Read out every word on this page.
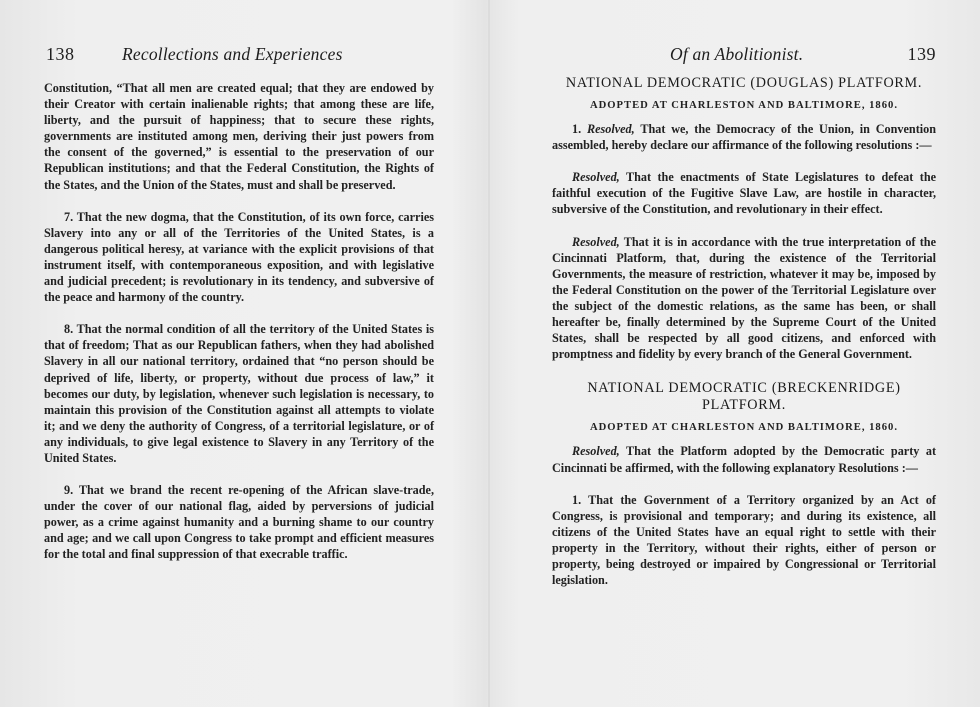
138	Recollections and Experiences

Constitution, “That all men are created equal; that they are endowed by their Creator with certain inalienable rights; that among these are life, liberty, and the pursuit of happiness; that to secure these rights, governments are instituted among men, deriving their just powers from the consent of the governed,” is essential to the preservation of our Republican institutions; and that the Federal Constitution, the Rights of the States, and the Union of the States, must and shall be preserved.

7. That the new dogma, that the Constitution, of its own force, carries Slavery into any or all of the Territories of the United States, is a dangerous political heresy, at variance with the explicit provisions of that instrument itself, with contemporaneous exposition, and with legislative and judicial precedent; is revolutionary in its tendency, and subversive of the peace and harmony of the country.

8. That the normal condition of all the territory of the United States is that of freedom; That as our Republican fathers, when they had abolished Slavery in all our national territory, ordained that “no person should be deprived of life, liberty, or property, without due process of law,” it becomes our duty, by legislation, whenever such legislation is necessary, to maintain this provision of the Constitution against all attempts to violate it; and we deny the authority of Congress, of a territorial legislature, or of any individuals, to give legal existence to Slavery in any Territory of the United States.

9. That we brand the recent re-opening of the African slave-trade, under the cover of our national flag, aided by perversions of judicial power, as a crime against humanity and a burning shame to our country and age; and we call upon Congress to take prompt and efficient measures for the total and final suppression of that execrable traffic.

Of an Abolitionist.	139
NATIONAL DEMOCRATIC (DOUGLAS) PLATFORM.
ADOPTED AT CHARLESTON AND BALTIMORE, 1860.

1. Resolved, That we, the Democracy of the Union, in Convention assembled, hereby declare our affirmance of the following resolutions :—

Resolved, That the enactments of State Legislatures to defeat the faithful execution of the Fugitive Slave Law, are hostile in character, subversive of the Constitution, and revolutionary in their effect.

Resolved, That it is in accordance with the true interpretation of the Cincinnati Platform, that, during the existence of the Territorial Governments, the measure of restriction, whatever it may be, imposed by the Federal Constitution on the power of the Territorial Legislature over the subject of the domestic relations, as the same has been, or shall hereafter be, finally determined by the Supreme Court of the United States, shall be respected by all good citizens, and enforced with promptness and fidelity by every branch of the General Government.

NATIONAL DEMOCRATIC (BRECKENRIDGE) PLATFORM.
ADOPTED AT CHARLESTON AND BALTIMORE, 1860.

Resolved, That the Platform adopted by the Democratic party at Cincinnati be affirmed, with the following explanatory Resolutions :—

1. That the Government of a Territory organized by an Act of Congress, is provisional and temporary; and during its existence, all citizens of the United States have an equal right to settle with their property in the Territory, without their rights, either of person or property, being destroyed or impaired by Congressional or Territorial legislation.
